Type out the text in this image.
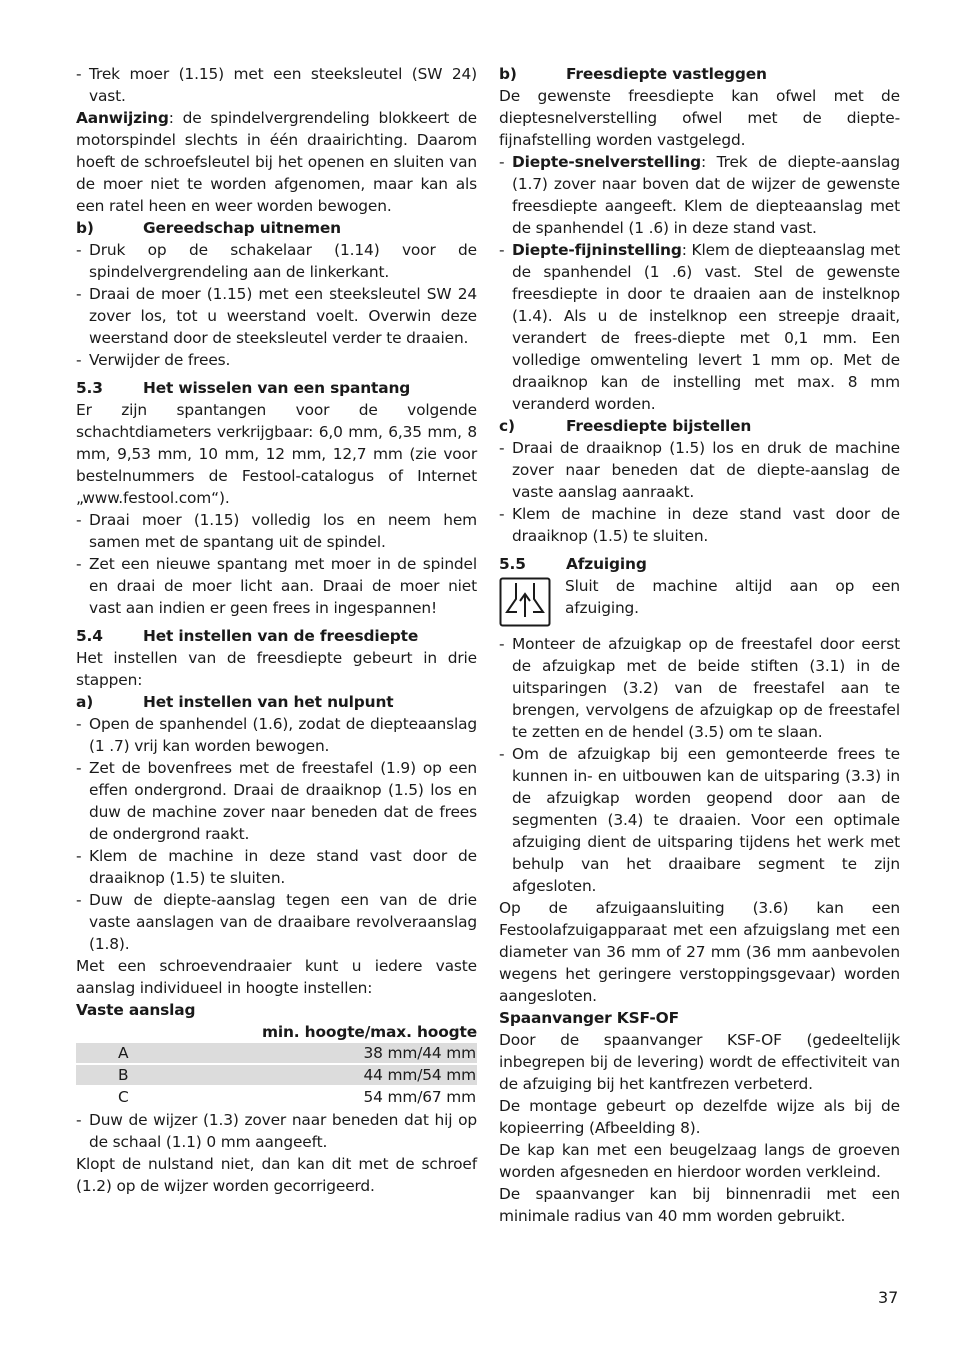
- Trek moer (1.15) met een steeksleutel (SW 24) vast.

Aanwijzing: de spindelvergrendeling blokkeert de motorspindel slechts in één draairichting. Daarom hoeft de schroefsleutel bij het openen en sluiten van de moer niet te worden afgenomen, maar kan als een ratel heen en weer worden bewogen.

b)	Gereedschap uitnemen
- Druk op de schakelaar (1.14) voor de spindelvergrendeling aan de linkerkant.
- Draai de moer (1.15) met een steeksleutel SW 24 zover los, tot u weerstand voelt. Overwin deze weerstand door de steeksleutel verder te draaien.
- Verwijder de frees.
5.3	Het wisselen van een spantang

Er zijn spantangen voor de volgende schachtdiameters verkrijgbaar: 6,0 mm, 6,35 mm, 8 mm, 9,53 mm, 10 mm, 12 mm, 12,7 mm (zie voor bestelnummers de Festool-catalogus of Internet „www.festool.com“).

- Draai moer (1.15) volledig los en neem hem samen met de spantang uit de spindel.
- Zet een nieuwe spantang met moer in de spindel en draai de moer licht aan. Draai de moer niet vast aan indien er geen frees in ingespannen!
5.4	Het instellen van de freesdiepte

Het instellen van de freesdiepte gebeurt in drie stappen:

a)	Het instellen van het nulpunt
- Open de spanhendel (1.6), zodat de diepteaanslag (1 .7) vrij kan worden bewogen.
- Zet de bovenfrees met de freestafel (1.9) op een effen ondergrond. Draai de draaiknop (1.5) los en duw de machine zover naar beneden dat de frees de ondergrond raakt.
- Klem de machine in deze stand vast door de draaiknop (1.5) te sluiten.
- Duw de diepte-aanslag tegen een van de drie vaste aanslagen van de draaibare revolveraanslag (1.8).

Met een schroevendraaier kunt u iedere vaste aanslag individueel in hoogte instellen:

Vaste aanslag
min. hoogte/max. hoogte
A	38 mm/44 mm
B	44 mm/54 mm
C	54 mm/67 mm
- Duw de wijzer (1.3) zover naar beneden dat hij op de schaal (1.1) 0 mm aangeeft.

Klopt de nulstand niet, dan kan dit met de schroef (1.2) op de wijzer worden gecorrigeerd.

b)	Freesdiepte vastleggen

De gewenste freesdiepte kan ofwel met de dieptesnelverstelling ofwel met de diepte-fijnafstelling worden vastgelegd.

- Diepte-snelverstelling: Trek de diepte-aanslag (1.7) zover naar boven dat de wijzer de gewenste freesdiepte aangeeft. Klem de diepteaanslag met de spanhendel (1 .6) in deze stand vast.
- Diepte-fijninstelling: Klem de diepteaanslag met de spanhendel (1 .6) vast. Stel de gewenste freesdiepte in door te draaien aan de instelknop (1.4). Als u de instelknop een streepje draait, verandert de frees-diepte met 0,1 mm. Een volledige omwenteling levert 1 mm op. Met de draaiknop kan de instelling met max. 8 mm veranderd worden.
c)	Freesdiepte bijstellen
- Draai de draaiknop (1.5) los en druk de machine zover naar beneden dat de diepte-aanslag de vaste aanslag aanraakt.
- Klem de machine in deze stand vast door de draaiknop (1.5) te sluiten.
5.5	Afzuiging
Sluit de machine altijd aan op een afzuiging.
- Monteer de afzuigkap op de freestafel door eerst de afzuigkap met de beide stiften (3.1) in de uitsparingen (3.2) van de freestafel aan te brengen, vervolgens de afzuigkap op de freestafel te zetten en de hendel (3.5) om te slaan.
- Om de afzuigkap bij een gemonteerde frees te kunnen in- en uitbouwen kan de uitsparing (3.3) in de afzuigkap worden geopend door aan de segmenten (3.4) te draaien. Voor een optimale afzuiging dient de uitsparing tijdens het werk met behulp van het draaibare segment te zijn afgesloten.

Op de afzuigaansluiting (3.6) kan een Festoolafzuigapparaat met een afzuigslang met een diameter van 36 mm of 27 mm (36 mm aanbevolen wegens het geringere verstoppingsgevaar) worden aangesloten.

Spaanvanger KSF-OF

Door de spaanvanger KSF-OF (gedeeltelijk inbegrepen bij de levering) wordt de effectiviteit van de afzuiging bij het kantfrezen verbeterd.

De montage gebeurt op dezelfde wijze als bij de kopieerring (Afbeelding 8).

De kap kan met een beugelzaag langs de groeven worden afgesneden en hierdoor worden verkleind.

De spaanvanger kan bij binnenradii met een minimale radius van 40 mm worden gebruikt.

37
